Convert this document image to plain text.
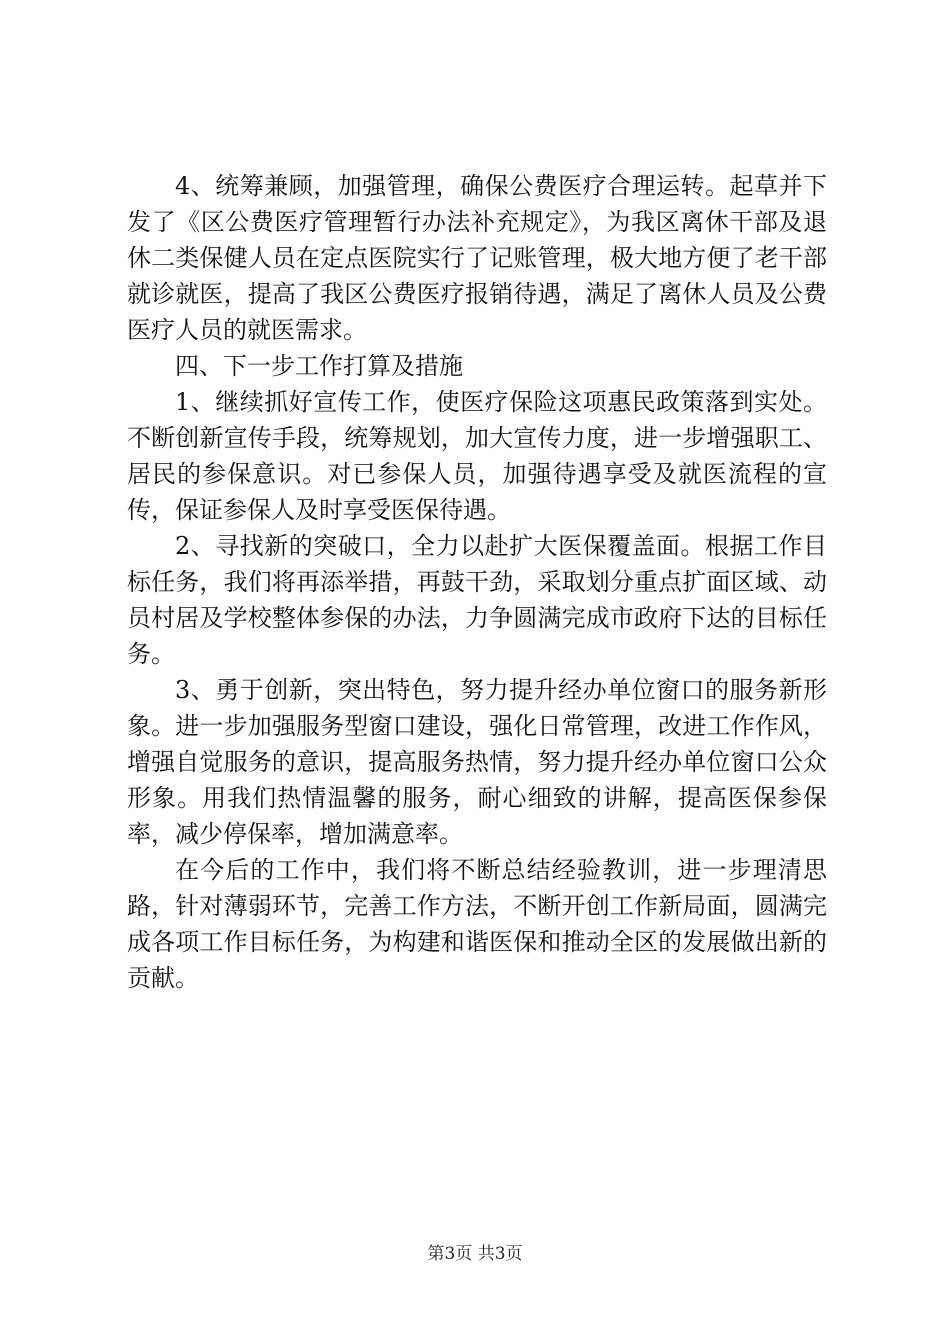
4、统筹兼顾，加强管理，确保公费医疗合理运转。起草并下发了《区公费医疗管理暂行办法补充规定》，为我区离休干部及退休二类保健人员在定点医院实行了记账管理，极大地方便了老干部就诊就医，提高了我区公费医疗报销待遇，满足了离休人员及公费医疗人员的就医需求。

四、下一步工作打算及措施

1、继续抓好宣传工作，使医疗保险这项惠民政策落到实处。不断创新宣传手段，统筹规划，加大宣传力度，进一步增强职工、居民的参保意识。对已参保人员，加强待遇享受及就医流程的宣传，保证参保人及时享受医保待遇。

2、寻找新的突破口，全力以赴扩大医保覆盖面。根据工作目标任务，我们将再添举措，再鼓干劲，采取划分重点扩面区域、动员村居及学校整体参保的办法，力争圆满完成市政府下达的目标任务。

3、勇于创新，突出特色，努力提升经办单位窗口的服务新形象。进一步加强服务型窗口建设，强化日常管理，改进工作作风，增强自觉服务的意识，提高服务热情，努力提升经办单位窗口公众形象。用我们热情温馨的服务，耐心细致的讲解，提高医保参保率，减少停保率，增加满意率。

在今后的工作中，我们将不断总结经验教训，进一步理清思路，针对薄弱环节，完善工作方法，不断开创工作新局面，圆满完成各项工作目标任务，为构建和谐医保和推动全区的发展做出新的贡献。

第3页 共3页
